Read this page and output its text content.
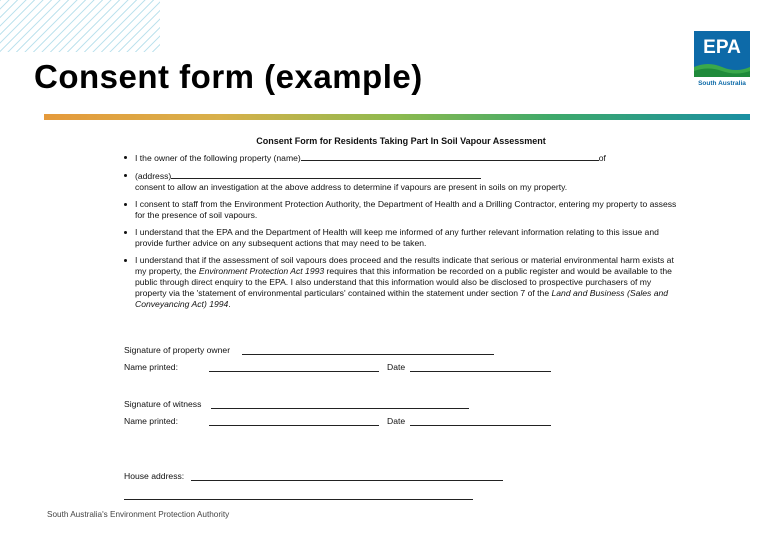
Consent form (example)
EPA
South Australia
Consent Form for Residents Taking Part In Soil Vapour Assessment
I the owner of the following property (name)	of
(address)
consent to allow an investigation at the above address to determine if vapours are present in soils on my property.
I consent to staff from the Environment Protection Authority, the Department of Health and a Drilling Contractor, entering my property to assess for the presence of soil vapours.
I understand that the EPA and the Department of Health will keep me informed of any further relevant information relating to this issue and provide further advice on any subsequent actions that may need to be taken.
I understand that if the assessment of soil vapours does proceed and the results indicate that serious or material environmental harm exists at my property, the Environment Protection Act 1993 requires that this information be recorded on a public register and would be available to the public through direct enquiry to the EPA. I also understand that this information would also be disclosed to prospective purchasers of my property via the 'statement of environmental particulars' contained within the statement under section 7 of the Land and Business (Sales and Conveyancing Act) 1994.
Signature of property owner
Name printed:	Date
Signature of witness
Name printed:	Date
House address:
South Australia's Environment Protection Authority
